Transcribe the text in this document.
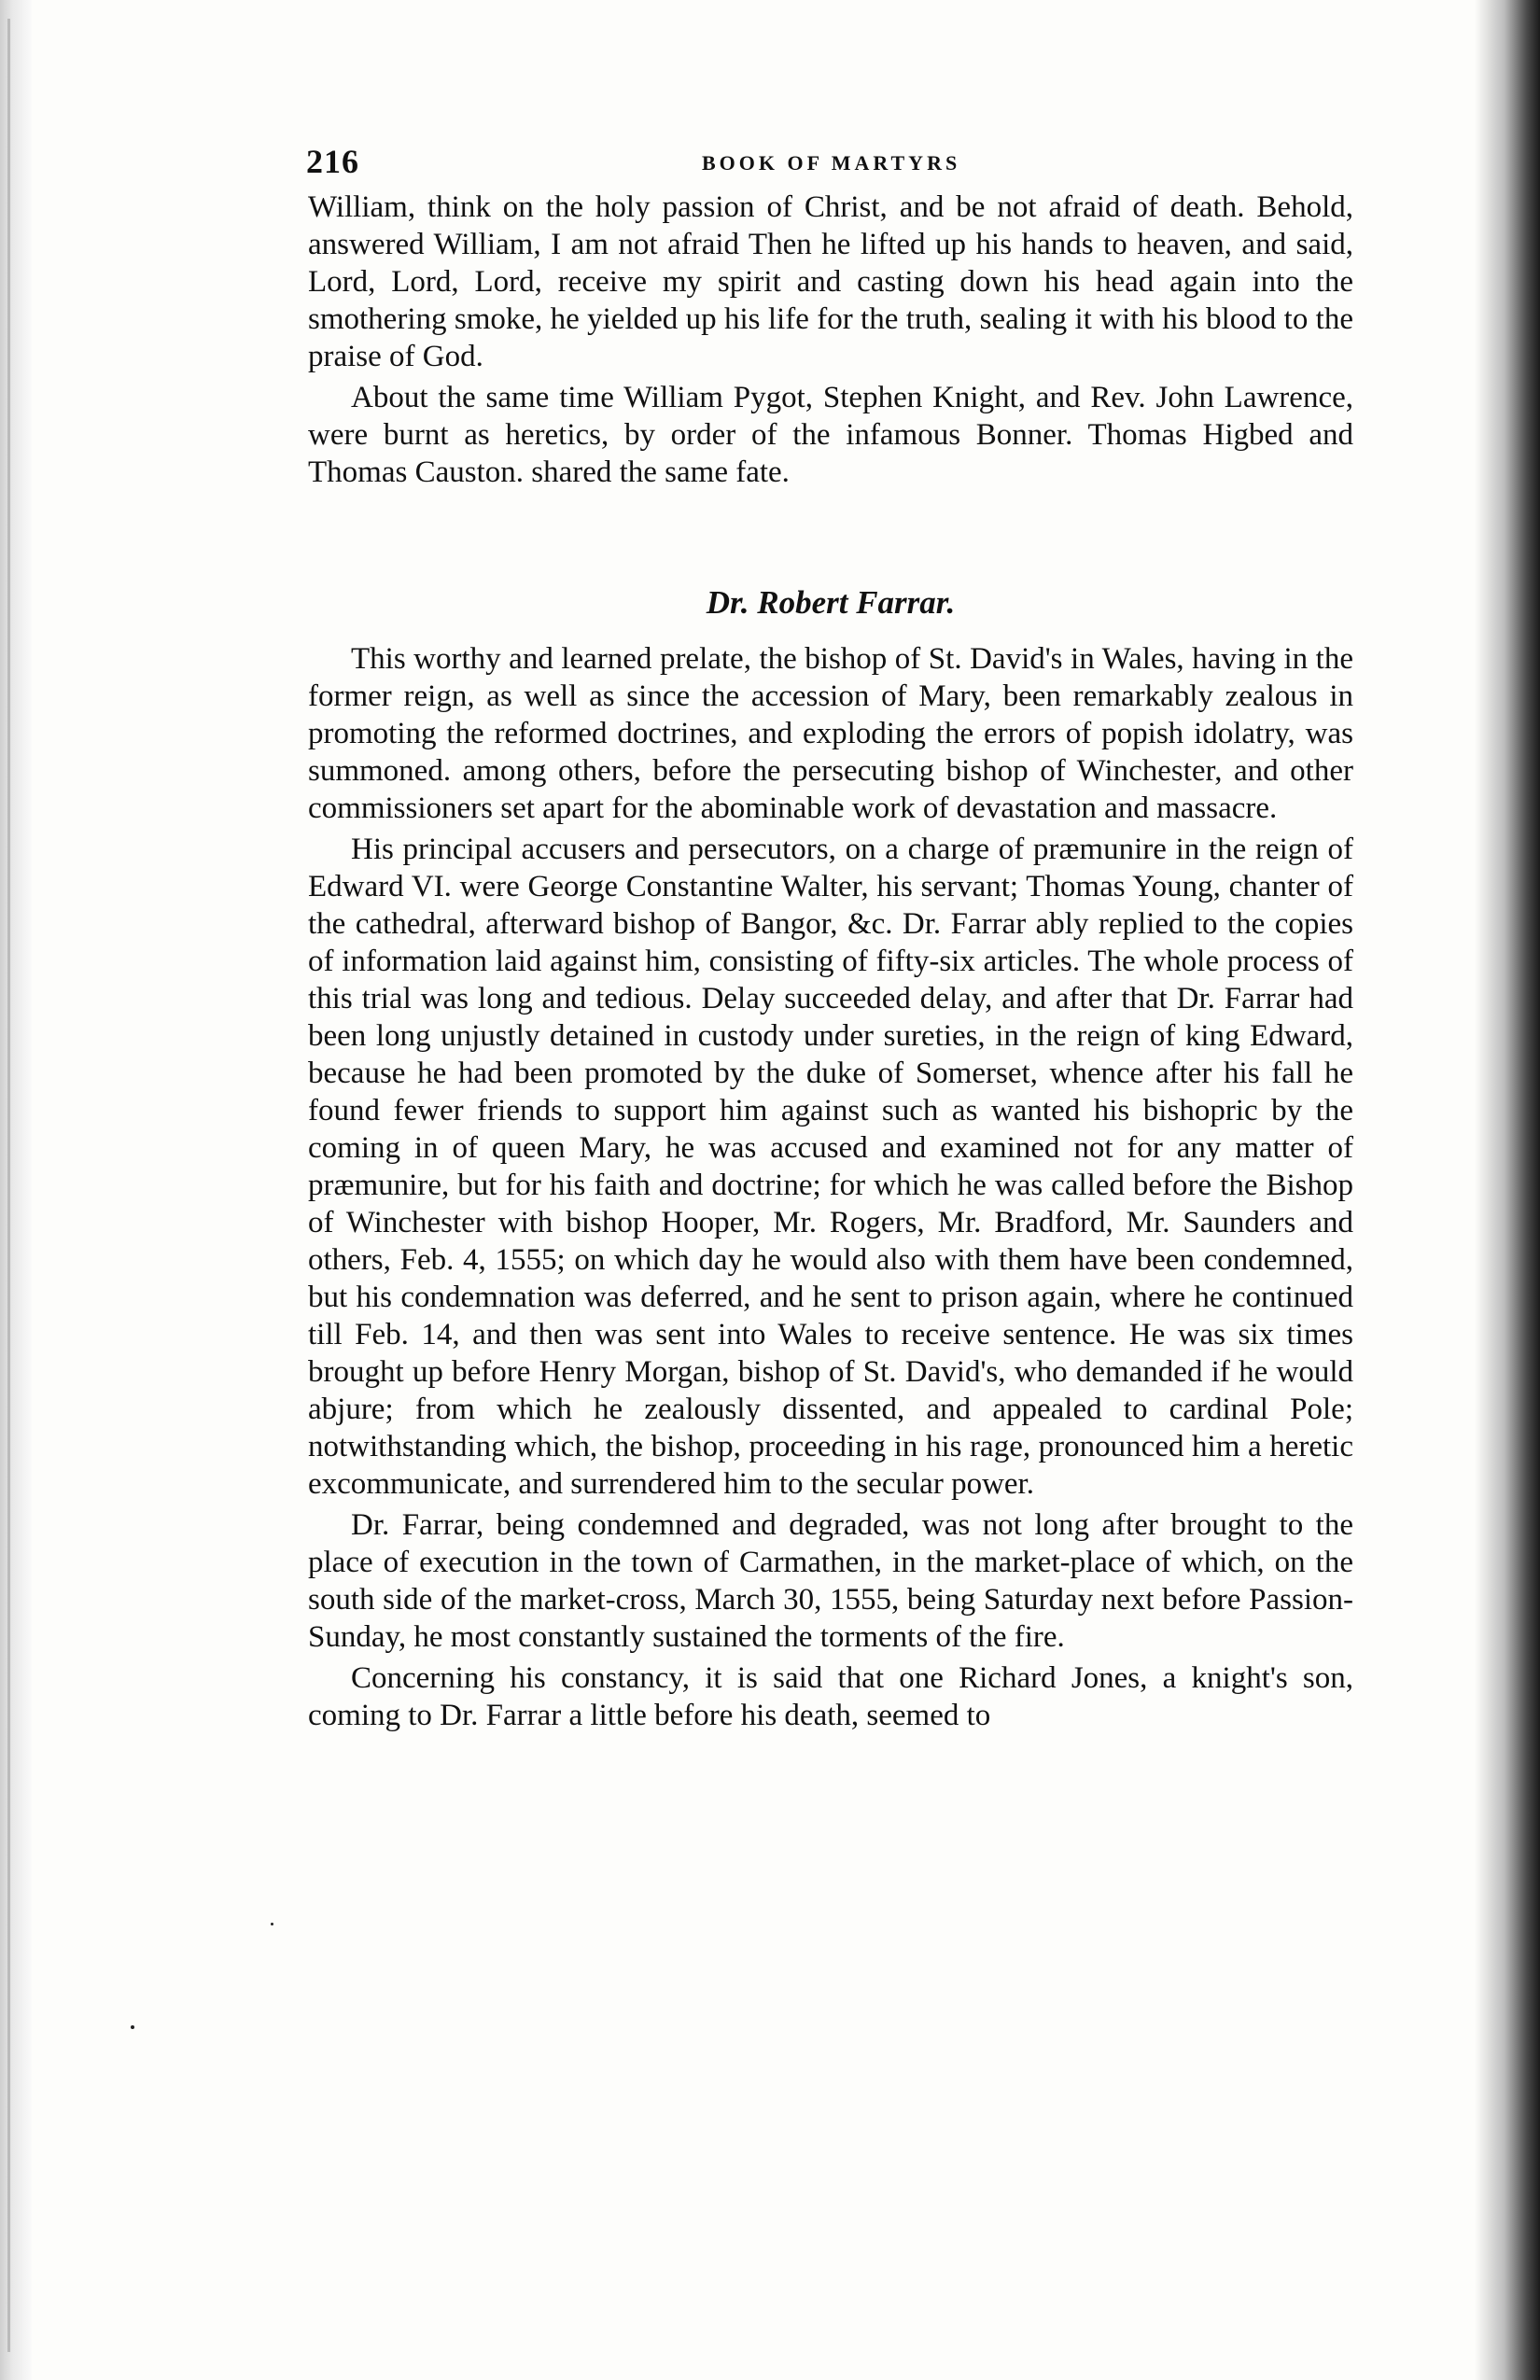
216	BOOK OF MARTYRS

William, think on the holy passion of Christ, and be not afraid of death. Behold, answered William, I am not afraid Then he lifted up his hands to heaven, and said, Lord, Lord, Lord, receive my spirit and casting down his head again into the smothering smoke, he yielded up his life for the truth, sealing it with his blood to the praise of God.

About the same time William Pygot, Stephen Knight, and Rev. John Lawrence, were burnt as heretics, by order of the infamous Bonner. Thomas Higbed and Thomas Causton. shared the same fate.

Dr. Robert Farrar.

This worthy and learned prelate, the bishop of St. David's in Wales, having in the former reign, as well as since the accession of Mary, been remarkably zealous in promoting the reformed doctrines, and exploding the errors of popish idolatry, was summoned. among others, before the persecuting bishop of Winchester, and other commissioners set apart for the abominable work of devastation and massacre.

His principal accusers and persecutors, on a charge of præmunire in the reign of Edward VI. were George Constantine Walter, his servant; Thomas Young, chanter of the cathedral, afterward bishop of Bangor, &c. Dr. Farrar ably replied to the copies of information laid against him, consisting of fifty-six articles. The whole process of this trial was long and tedious. Delay succeeded delay, and after that Dr. Farrar had been long unjustly detained in custody under sureties, in the reign of king Edward, because he had been promoted by the duke of Somerset, whence after his fall he found fewer friends to support him against such as wanted his bishopric by the coming in of queen Mary, he was accused and examined not for any matter of præmunire, but for his faith and doctrine; for which he was called before the Bishop of Winchester with bishop Hooper, Mr. Rogers, Mr. Bradford, Mr. Saunders and others, Feb. 4, 1555; on which day he would also with them have been condemned, but his condemnation was deferred, and he sent to prison again, where he continued till Feb. 14, and then was sent into Wales to receive sentence. He was six times brought up before Henry Morgan, bishop of St. David's, who demanded if he would abjure; from which he zealously dissented, and appealed to cardinal Pole; notwithstanding which, the bishop, proceeding in his rage, pronounced him a heretic excommunicate, and surrendered him to the secular power.

Dr. Farrar, being condemned and degraded, was not long after brought to the place of execution in the town of Carmathen, in the market-place of which, on the south side of the market-cross, March 30, 1555, being Saturday next before Passion-Sunday, he most constantly sustained the torments of the fire.

Concerning his constancy, it is said that one Richard Jones, a knight's son, coming to Dr. Farrar a little before his death, seemed to
